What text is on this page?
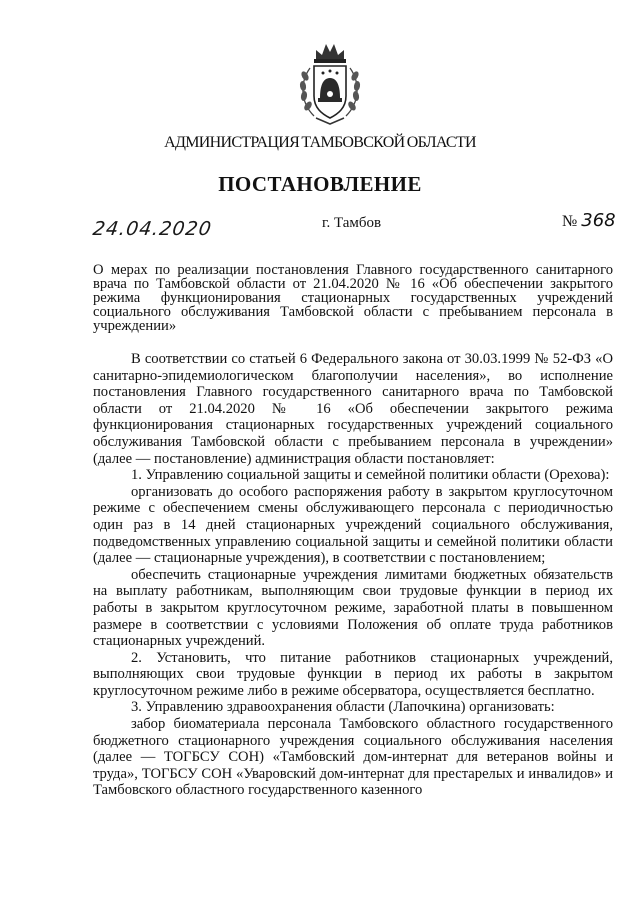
АДМИНИСТРАЦИЯ ТАМБОВСКОЙ ОБЛАСТИ
ПОСТАНОВЛЕНИЕ
24.04.2020	г. Тамбов	№ 368
О мерах по реализации постановления Главного государственного санитарного врача по Тамбовской области от 21.04.2020 № 16 «Об обеспечении закрытого режима функционирования стационарных государственных учреждений социального обслуживания Тамбовской области с пребыванием персонала в учреждении»

В соответствии со статьей 6 Федерального закона от 30.03.1999 № 52-ФЗ «О санитарно-эпидемиологическом благополучии населения», во исполнение постановления Главного государственного санитарного врача по Тамбовской области от 21.04.2020 № 16 «Об обеспечении закрытого режима функционирования стационарных государственных учреждений социального обслуживания Тамбовской области с пребыванием персонала в учреждении» (далее — постановление) администрация области постановляет:

1. Управлению социальной защиты и семейной политики области (Орехова):

организовать до особого распоряжения работу в закрытом круглосуточном режиме с обеспечением смены обслуживающего персонала с периодичностью один раз в 14 дней стационарных учреждений социального обслуживания, подведомственных управлению социальной защиты и семейной политики области (далее — стационарные учреждения), в соответствии с постановлением;

обеспечить стационарные учреждения лимитами бюджетных обязательств на выплату работникам, выполняющим свои трудовые функции в период их работы в закрытом круглосуточном режиме, заработной платы в повышенном размере в соответствии с условиями Положения об оплате труда работников стационарных учреждений.

2. Установить, что питание работников стационарных учреждений, выполняющих свои трудовые функции в период их работы в закрытом круглосуточном режиме либо в режиме обсерватора, осуществляется бесплатно.

3. Управлению здравоохранения области (Лапочкина) организовать:

забор биоматериала персонала Тамбовского областного государственного бюджетного стационарного учреждения социального обслуживания населения (далее — ТОГБСУ СОН) «Тамбовский дом-интернат для ветеранов войны и труда», ТОГБСУ СОН «Уваровский дом-интернат для престарелых и инвалидов» и Тамбовского областного государственного казенного
